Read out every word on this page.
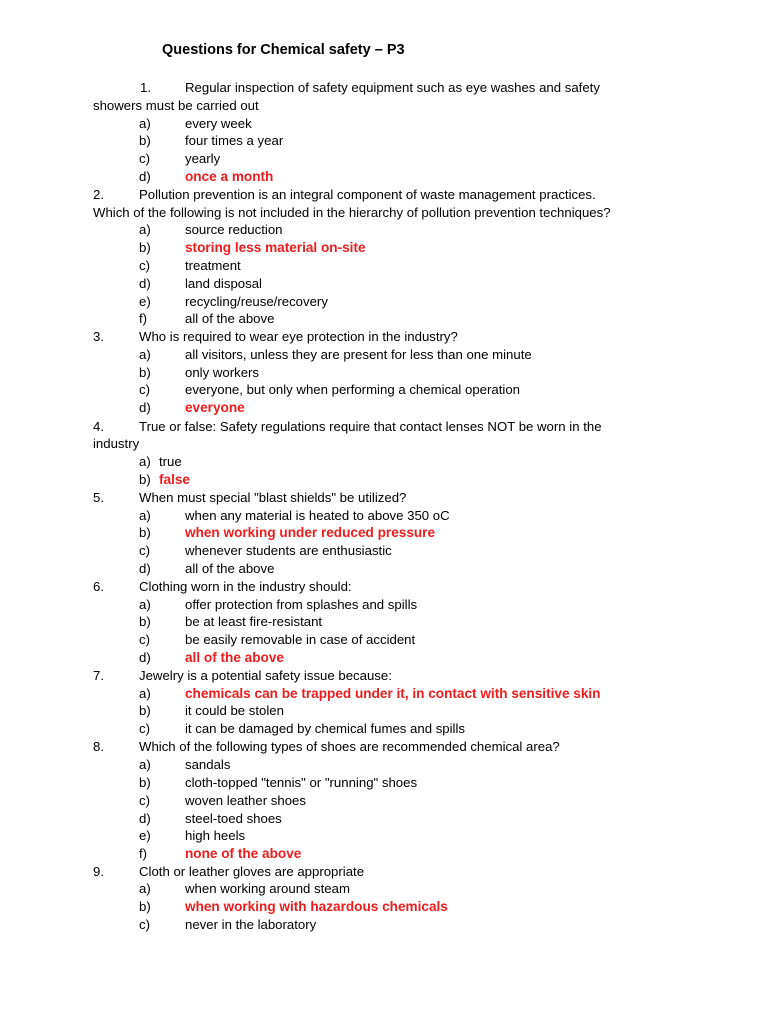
Questions for Chemical safety – P3
1.	Regular inspection of safety equipment such as eye washes and safety
showers must be carried out
a)	every week
b)	four times a year
c)	yearly
d)	once a month
2.	Pollution prevention is an integral component of waste management practices.
Which of the following is not included in the hierarchy of pollution prevention techniques?
a)	source reduction
b)	storing less material on-site
c)	treatment
d)	land disposal
e)	recycling/reuse/recovery
f)	all of the above
3.	Who is required to wear eye protection in the industry?
a)	all visitors, unless they are present for less than one minute
b)	only workers
c)	everyone, but only when performing a chemical operation
d)	everyone
4.	True or false: Safety regulations require that contact lenses NOT be worn in the
industry
a) true
b) false
5.	When must special "blast shields" be utilized?
a)	when any material is heated to above 350 oC
b)	when working under reduced pressure
c)	whenever students are enthusiastic
d)	all of the above
6.	Clothing worn in the industry should:
a)	offer protection from splashes and spills
b)	be at least fire-resistant
c)	be easily removable in case of accident
d)	all of the above
7.	Jewelry is a potential safety issue because:
a)	chemicals can be trapped under it, in contact with sensitive skin
b)	it could be stolen
c)	it can be damaged by chemical fumes and spills
8.	Which of the following types of shoes are recommended chemical area?
a)	sandals
b)	cloth-topped "tennis" or "running" shoes
c)	woven leather shoes
d)	steel-toed shoes
e)	high heels
f)	none of the above
9.	Cloth or leather gloves are appropriate
a)	when working around steam
b)	when working with hazardous chemicals
c)	never in the laboratory
